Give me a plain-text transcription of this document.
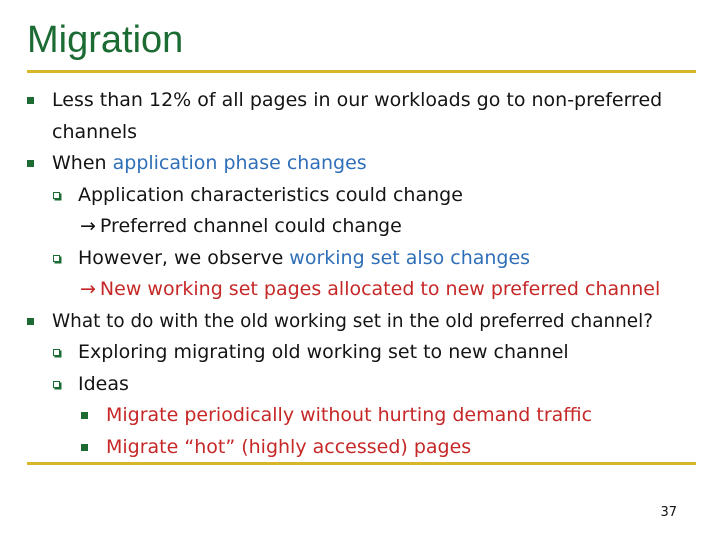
Migration
Less than 12% of all pages in our workloads go to non-preferred
channels
When application phase changes
Application characteristics could change
→ Preferred channel could change
However, we observe working set also changes
→ New working set pages allocated to new preferred channel
What to do with the old working set in the old preferred channel?
Exploring migrating old working set to new channel
Ideas
Migrate periodically without hurting demand traffic
Migrate “hot” (highly accessed) pages
37
